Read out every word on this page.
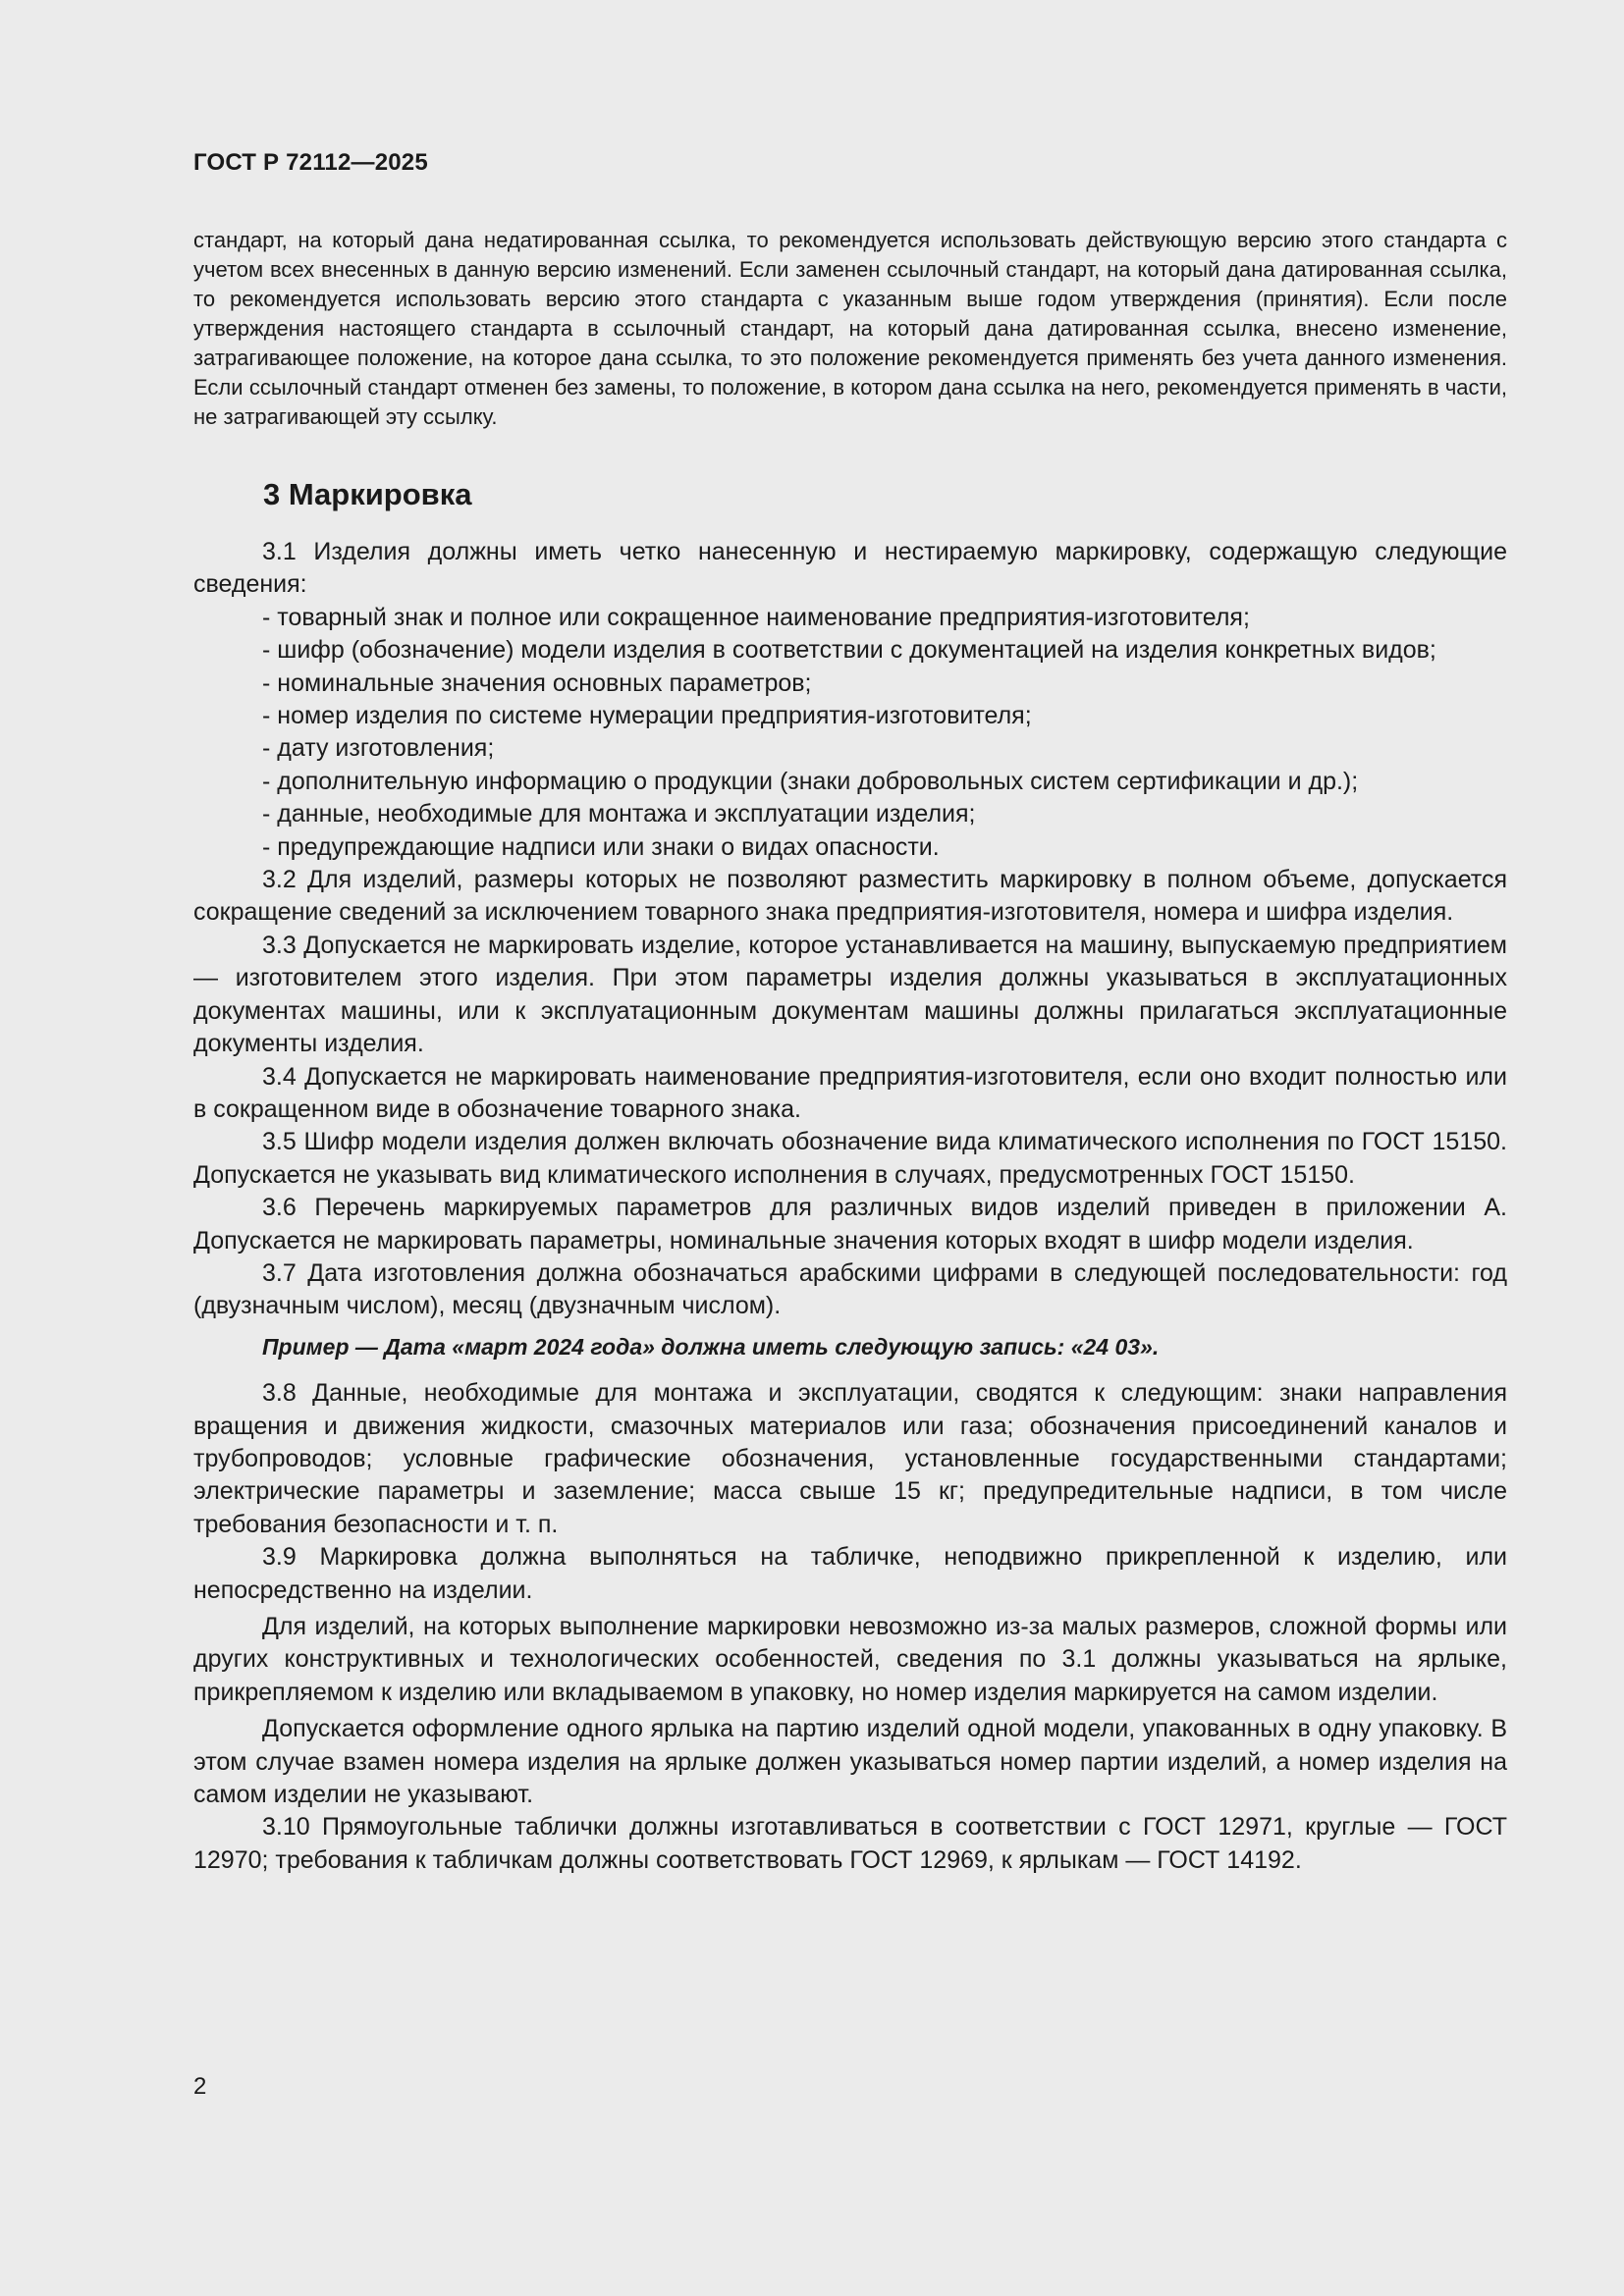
ГОСТ Р 72112—2025

стандарт, на который дана недатированная ссылка, то рекомендуется использовать действующую версию этого стандарта с учетом всех внесенных в данную версию изменений. Если заменен ссылочный стандарт, на который дана датированная ссылка, то рекомендуется использовать версию этого стандарта с указанным выше годом утверждения (принятия). Если после утверждения настоящего стандарта в ссылочный стандарт, на который дана датированная ссылка, внесено изменение, затрагивающее положение, на которое дана ссылка, то это положение рекомендуется применять без учета данного изменения. Если ссылочный стандарт отменен без замены, то положение, в котором дана ссылка на него, рекомендуется применять в части, не затрагивающей эту ссылку.

3 Маркировка

3.1 Изделия должны иметь четко нанесенную и нестираемую маркировку, содержащую следующие сведения:

- товарный знак и полное или сокращенное наименование предприятия-изготовителя;

- шифр (обозначение) модели изделия в соответствии с документацией на изделия конкретных видов;

- номинальные значения основных параметров;

- номер изделия по системе нумерации предприятия-изготовителя;

- дату изготовления;

- дополнительную информацию о продукции (знаки добровольных систем сертификации и др.);

- данные, необходимые для монтажа и эксплуатации изделия;

- предупреждающие надписи или знаки о видах опасности.

3.2 Для изделий, размеры которых не позволяют разместить маркировку в полном объеме, допускается сокращение сведений за исключением товарного знака предприятия-изготовителя, номера и шифра изделия.

3.3 Допускается не маркировать изделие, которое устанавливается на машину, выпускаемую предприятием — изготовителем этого изделия. При этом параметры изделия должны указываться в эксплуатационных документах машины, или к эксплуатационным документам машины должны прилагаться эксплуатационные документы изделия.

3.4 Допускается не маркировать наименование предприятия-изготовителя, если оно входит полностью или в сокращенном виде в обозначение товарного знака.

3.5 Шифр модели изделия должен включать обозначение вида климатического исполнения по ГОСТ 15150. Допускается не указывать вид климатического исполнения в случаях, предусмотренных ГОСТ 15150.

3.6 Перечень маркируемых параметров для различных видов изделий приведен в приложении А. Допускается не маркировать параметры, номинальные значения которых входят в шифр модели изделия.

3.7 Дата изготовления должна обозначаться арабскими цифрами в следующей последовательности: год (двузначным числом), месяц (двузначным числом).

Пример — Дата «март 2024 года» должна иметь следующую запись: «24 03».

3.8 Данные, необходимые для монтажа и эксплуатации, сводятся к следующим: знаки направления вращения и движения жидкости, смазочных материалов или газа; обозначения присоединений каналов и трубопроводов; условные графические обозначения, установленные государственными стандартами; электрические параметры и заземление; масса свыше 15 кг; предупредительные надписи, в том числе требования безопасности и т. п.

3.9 Маркировка должна выполняться на табличке, неподвижно прикрепленной к изделию, или непосредственно на изделии.

Для изделий, на которых выполнение маркировки невозможно из-за малых размеров, сложной формы или других конструктивных и технологических особенностей, сведения по 3.1 должны указываться на ярлыке, прикрепляемом к изделию или вкладываемом в упаковку, но номер изделия маркируется на самом изделии.

Допускается оформление одного ярлыка на партию изделий одной модели, упакованных в одну упаковку. В этом случае взамен номера изделия на ярлыке должен указываться номер партии изделий, а номер изделия на самом изделии не указывают.

3.10 Прямоугольные таблички должны изготавливаться в соответствии с ГОСТ 12971, круглые — ГОСТ 12970; требования к табличкам должны соответствовать ГОСТ 12969, к ярлыкам — ГОСТ 14192.

2
